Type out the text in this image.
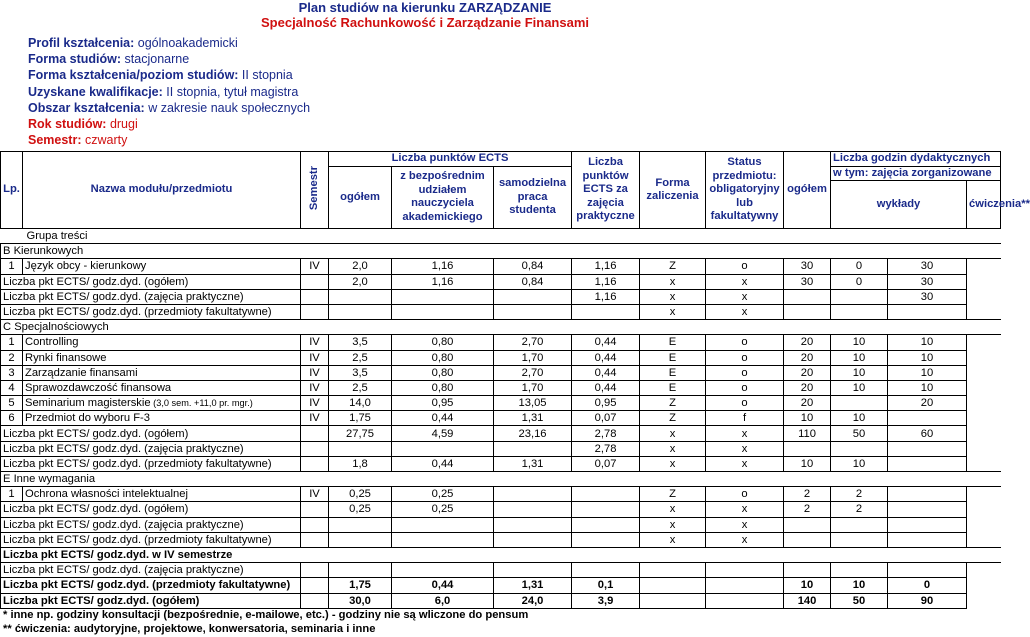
Plan studiów na kierunku ZARZĄDZANIE
Specjalność Rachunkowość i Zarządzanie Finansami
Profil kształcenia: ogólnoakademicki
Forma studiów: stacjonarne
Forma kształcenia/poziom studiów: II stopnia
Uzyskane kwalifikacje: II stopnia, tytuł magistra
Obszar kształcenia: w zakresie nauk społecznych
Rok studiów: drugi
Semestr: czwarty
Lp.	Nazwa modułu/przedmiotu	Semestr	Liczba punktów ECTS			Liczba punktów ECTS za zajęcia praktyczne	Forma zaliczenia	Status przedmiotu: obligatoryjny lub fakultatywny	ogółem	Liczba godzin dydaktycznych		
			ogółem	z bezpośrednim udziałem nauczyciela akademickiego	samodzielna praca studenta					w tym: zajęcia zorganizowane		
										wykłady		ćwiczenia**

Grupa treści												
B Kierunkowych												
1	Język obcy - kierunkowy	IV	2,0	1,16	0,84	1,16	Z	o	30	0	30	
Liczba pkt ECTS/ godz.dyd. (ogółem)			2,0	1,16	0,84	1,16	x	x	30	0	30	
Liczba pkt ECTS/ godz.dyd. (zajęcia praktyczne)						1,16	x	x			30	
Liczba pkt ECTS/ godz.dyd. (przedmioty fakultatywne)							x	x				
C Specjalnościowych												
1	Controlling	IV	3,5	0,80	2,70	0,44	E	o	20	10	10	
2	Rynki finansowe	IV	2,5	0,80	1,70	0,44	E	o	20	10	10	
3	Zarządzanie finansami	IV	3,5	0,80	2,70	0,44	E	o	20	10	10	
4	Sprawozdawczość finansowa	IV	2,5	0,80	1,70	0,44	E	o	20	10	10	
5	Seminarium magisterskie (3,0 sem. +11,0 pr. mgr.)	IV	14,0	0,95	13,05	0,95	Z	o	20		20	
6	Przedmiot do wyboru F-3	IV	1,75	0,44	1,31	0,07	Z	f	10	10		
Liczba pkt ECTS/ godz.dyd. (ogółem)			27,75	4,59	23,16	2,78	x	x	110	50	60	
Liczba pkt ECTS/ godz.dyd. (zajęcia praktyczne)						2,78	x	x				
Liczba pkt ECTS/ godz.dyd. (przedmioty fakultatywne)			1,8	0,44	1,31	0,07	x	x	10	10		
E Inne wymagania												
1	Ochrona własności intelektualnej	IV	0,25	0,25			Z	o	2	2		
Liczba pkt ECTS/ godz.dyd. (ogółem)			0,25	0,25			x	x	2	2		
Liczba pkt ECTS/ godz.dyd. (zajęcia praktyczne)							x	x				
Liczba pkt ECTS/ godz.dyd. (przedmioty fakultatywne)							x	x				
Liczba pkt ECTS/ godz.dyd. w IV semestrze												
Liczba pkt ECTS/ godz.dyd. (zajęcia praktyczne)												
Liczba pkt ECTS/ godz.dyd. (przedmioty fakultatywne)			1,75	0,44	1,31	0,1			10	10	0	
Liczba pkt ECTS/ godz.dyd. (ogółem)			30,0	6,0	24,0	3,9			140	50	90	
* inne np. godziny konsultacji (bezpośrednie, e-mailowe, etc.) - godziny nie są wliczone do pensum
** ćwiczenia: audytoryjne, projektowe, konwersatoria, seminaria i inne
